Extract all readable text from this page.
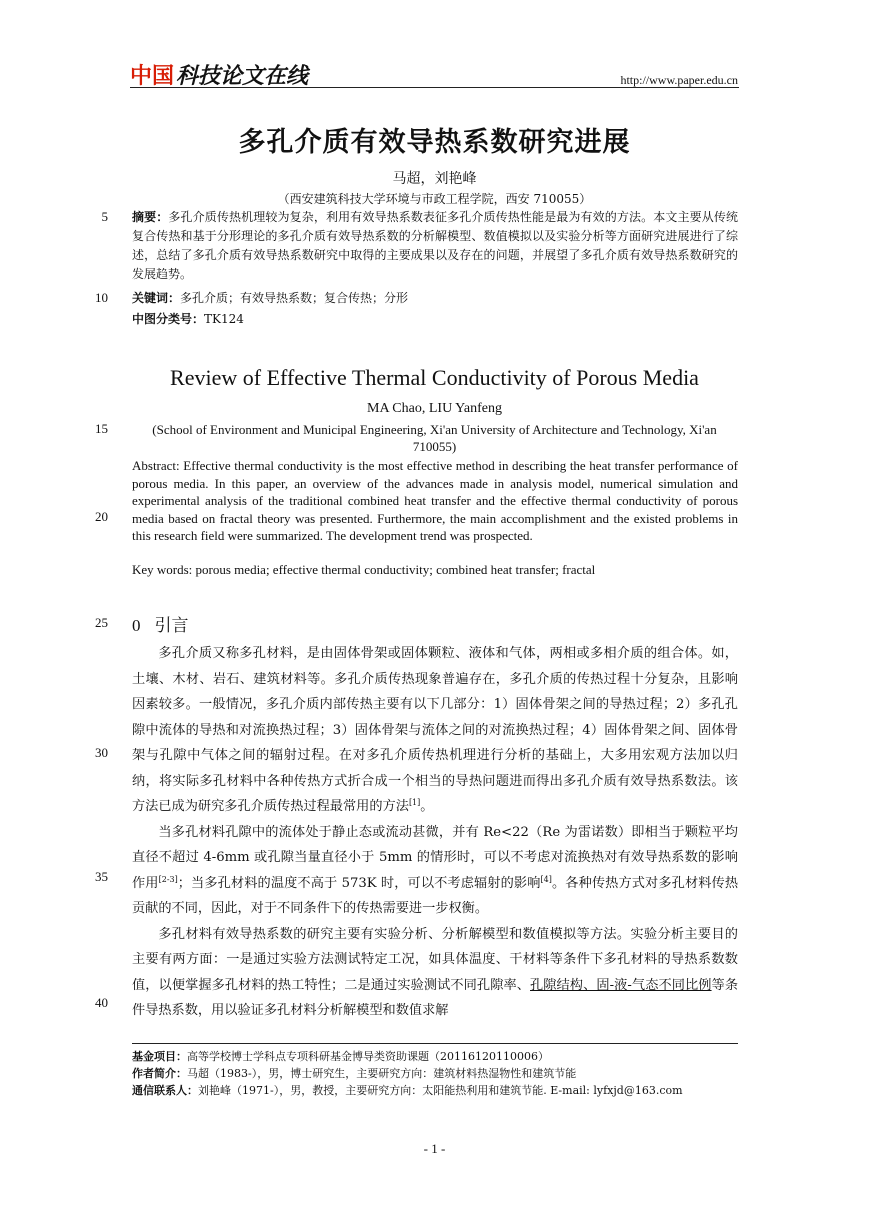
中国 科技论文在线	http://www.paper.edu.cn
多孔介质有效导热系数研究进展
马超，刘艳峰
（西安建筑科技大学环境与市政工程学院，西安 710055）
5
10
15
20
25
30
35
40
摘要：多孔介质传热机理较为复杂，利用有效导热系数表征多孔介质传热性能是最为有效的方法。本文主要从传统复合传热和基于分形理论的多孔介质有效导热系数的分析解模型、数值模拟以及实验分析等方面研究进展进行了综述，总结了多孔介质有效导热系数研究中取得的主要成果以及存在的问题，并展望了多孔介质有效导热系数研究的发展趋势。
关键词：多孔介质；有效导热系数；复合传热；分形
中图分类号：TK124
Review of Effective Thermal Conductivity of Porous Media
MA Chao, LIU Yanfeng
(School of Environment and Municipal Engineering, Xi'an University of Architecture and Technology, Xi'an 710055)
Abstract: Effective thermal conductivity is the most effective method in describing the heat transfer performance of porous media. In this paper, an overview of the advances made in analysis model, numerical simulation and experimental analysis of the traditional combined heat transfer and the effective thermal conductivity of porous media based on fractal theory was presented. Furthermore, the main accomplishment and the existed problems in this research field were summarized. The development trend was prospected.
Key words: porous media; effective thermal conductivity; combined heat transfer; fractal
0 引言

多孔介质又称多孔材料，是由固体骨架或固体颗粒、液体和气体，两相或多相介质的组合体。如，土壤、木材、岩石、建筑材料等。多孔介质传热现象普遍存在，多孔介质的传热过程十分复杂，且影响因素较多。一般情况，多孔介质内部传热主要有以下几部分：1）固体骨架之间的导热过程；2）多孔孔隙中流体的导热和对流换热过程；3）固体骨架与流体之间的对流换热过程；4）固体骨架之间、固体骨架与孔隙中气体之间的辐射过程。在对多孔介质传热机理进行分析的基础上，大多用宏观方法加以归纳，将实际多孔材料中各种传热方式折合成一个相当的导热问题进而得出多孔介质有效导热系数法。该方法已成为研究多孔介质传热过程最常用的方法[1]。

当多孔材料孔隙中的流体处于静止态或流动甚微，并有 Re<22（Re 为雷诺数）即相当于颗粒平均直径不超过 4-6mm 或孔隙当量直径小于 5mm 的情形时，可以不考虑对流换热对有效导热系数的影响作用[2-3]；当多孔材料的温度不高于 573K 时，可以不考虑辐射的影响[4]。各种传热方式对多孔材料传热贡献的不同，因此，对于不同条件下的传热需要进一步权衡。

多孔材料有效导热系数的研究主要有实验分析、分析解模型和数值模拟等方法。实验分析主要目的主要有两方面：一是通过实验方法测试特定工况，如具体温度、干材料等条件下多孔材料的导热系数数值，以便掌握多孔材料的热工特性；二是通过实验测试不同孔隙率、孔隙结构、固-液-气态不同比例等条件导热系数，用以验证多孔材料分析解模型和数值求解

基金项目：高等学校博士学科点专项科研基金博导类资助课题（20116120110006）
作者简介：马超（1983-），男，博士研究生，主要研究方向：建筑材料热湿物性和建筑节能
通信联系人：刘艳峰（1971-），男，教授，主要研究方向：太阳能热利用和建筑节能. E-mail: lyfxjd@163.com
- 1 -
